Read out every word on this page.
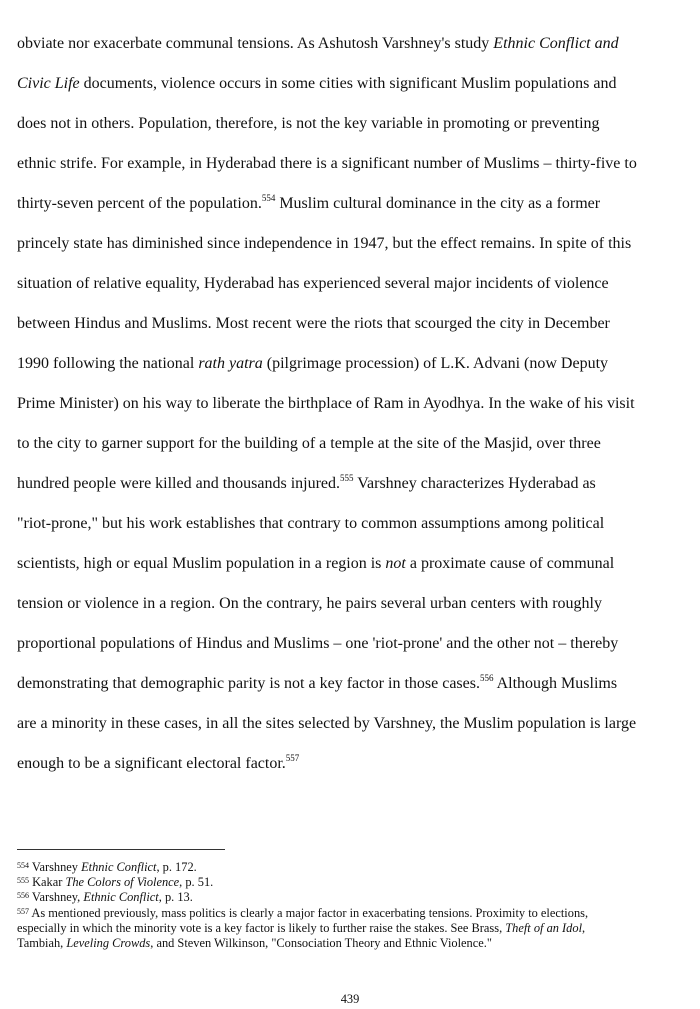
obviate nor exacerbate communal tensions. As Ashutosh Varshney's study Ethnic Conflict and
Civic Life documents, violence occurs in some cities with significant Muslim populations and
does not in others. Population, therefore, is not the key variable in promoting or preventing
ethnic strife. For example, in Hyderabad there is a significant number of Muslims – thirty-five to
thirty-seven percent of the population.$^{554}$ Muslim cultural dominance in the city as a former
princely state has diminished since independence in 1947, but the effect remains. In spite of this
situation of relative equality, Hyderabad has experienced several major incidents of violence
between Hindus and Muslims. Most recent were the riots that scourged the city in December
1990 following the national rath yatra (pilgrimage procession) of L.K. Advani (now Deputy
Prime Minister) on his way to liberate the birthplace of Ram in Ayodhya. In the wake of his visit
to the city to garner support for the building of a temple at the site of the Masjid, over three
hundred people were killed and thousands injured.$^{555}$ Varshney characterizes Hyderabad as
"riot-prone," but his work establishes that contrary to common assumptions among political
scientists, high or equal Muslim population in a region is not a proximate cause of communal
tension or violence in a region. On the contrary, he pairs several urban centers with roughly
proportional populations of Hindus and Muslims – one 'riot-prone' and the other not – thereby
demonstrating that demographic parity is not a key factor in those cases.$^{556}$ Although Muslims
are a minority in these cases, in all the sites selected by Varshney, the Muslim population is large
enough to be a significant electoral factor.$^{557}$
$^{554}$ Varshney Ethnic Conflict, p. 172.
$^{555}$ Kakar The Colors of Violence, p. 51.
$^{556}$ Varshney, Ethnic Conflict, p. 13.
$^{557}$ As mentioned previously, mass politics is clearly a major factor in exacerbating tensions. Proximity to elections,
especially in which the minority vote is a key factor is likely to further raise the stakes. See Brass, Theft of an Idol,
Tambiah, Leveling Crowds, and Steven Wilkinson, "Consociation Theory and Ethnic Violence."
439
